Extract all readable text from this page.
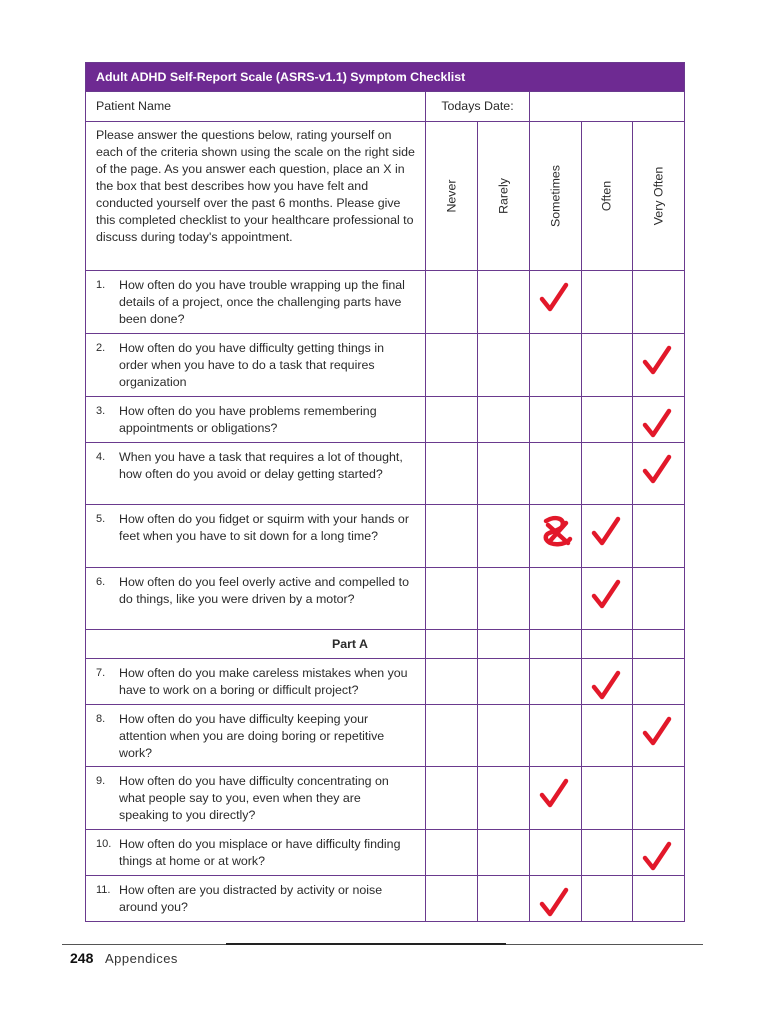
Adult ADHD Self-Report Scale (ASRS-v1.1) Symptom Checklist					
Patient Name	Todays Date:				
Please answer the questions below, rating yourself on each of the criteria shown using the scale on the right side of the page. As you answer each question, place an X in the box that best describes how you have felt and conducted yourself over the past 6 months. Please give this completed checklist to your healthcare professional to discuss during today's appointment.	Never	Rarely	Sometimes	Often	Very Often

1. How often do you have trouble wrapping up the final details of a project, once the challenging parts have been done?			

2. How often do you have difficulty getting things in order when you have to do a task that requires organization					

3. How often do you have problems remembering appointments or obligations?					

4. When you have a task that requires a lot of thought, how often do you avoid or delay getting started?					

5. How often do you fidget or squirm with your hands or feet when you have to sit down for a long time?			

6. How often do you feel overly active and compelled to do things, like you were driven by a motor?				

Part A					
7. How often do you make careless mistakes when you have to work on a boring or difficult project?				

8. How often do you have difficulty keeping your attention when you are doing boring or repetitive work?					

9. How often do you have difficulty concentrating on what people say to you, even when they are speaking to you directly?			

10. How often do you misplace or have difficulty finding things at home or at work?					

11. How often are you distracted by activity or noise around you?			

248 Appendices
